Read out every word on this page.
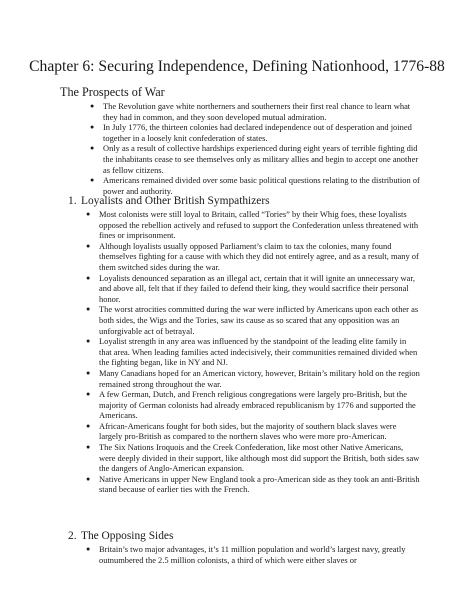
Chapter 6: Securing Independence, Defining Nationhood, 1776-88
The Prospects of War
● The Revolution gave white northerners and southerners their first real chance to learn what they had in common, and they soon developed mutual admiration.
● In July 1776, the thirteen colonies had declared independence out of desperation and joined together in a loosely knit confederation of states.
● Only as a result of collective hardships experienced during eight years of terrible fighting did the inhabitants cease to see themselves only as military allies and begin to accept one another as fellow citizens.
● Americans remained divided over some basic political questions relating to the distribution of power and authority.
1. Loyalists and Other British Sympathizers
● Most colonists were still loyal to Britain, called “Tories” by their Whig foes, these loyalists opposed the rebellion actively and refused to support the Confederation unless threatened with fines or imprisonment.
● Although loyalists usually opposed Parliament’s claim to tax the colonies, many found themselves fighting for a cause with which they did not entirely agree, and as a result, many of them switched sides during the war.
● Loyalists denounced separation as an illegal act, certain that it will ignite an unnecessary war, and above all, felt that if they failed to defend their king, they would sacrifice their personal honor.
● The worst atrocities committed during the war were inflicted by Americans upon each other as both sides, the Wigs and the Tories, saw its cause as so scared that any opposition was an unforgivable act of betrayal.
● Loyalist strength in any area was influenced by the standpoint of the leading elite family in that area. When leading families acted indecisively, their communities remained divided when the fighting began, like in NY and NJ.
● Many Canadians hoped for an American victory, however, Britain’s military hold on the region remained strong throughout the war.
● A few German, Dutch, and French religious congregations were largely pro-British, but the majority of German colonists had already embraced republicanism by 1776 and supported the Americans.
● African-Americans fought for both sides, but the majority of southern black slaves were largely pro-British as compared to the northern slaves who were more pro-American.
● The Six Nations Iroquois and the Creek Confederation, like most other Native Americans, were deeply divided in their support, like although most did support the British, both sides saw the dangers of Anglo-American expansion.
● Native Americans in upper New England took a pro-American side as they took an anti-British stand because of earlier ties with the French.
2. The Opposing Sides
● Britain’s two major advantages, it’s 11 million population and world’s largest navy, greatly outnumbered the 2.5 million colonists, a third of which were either slaves or
